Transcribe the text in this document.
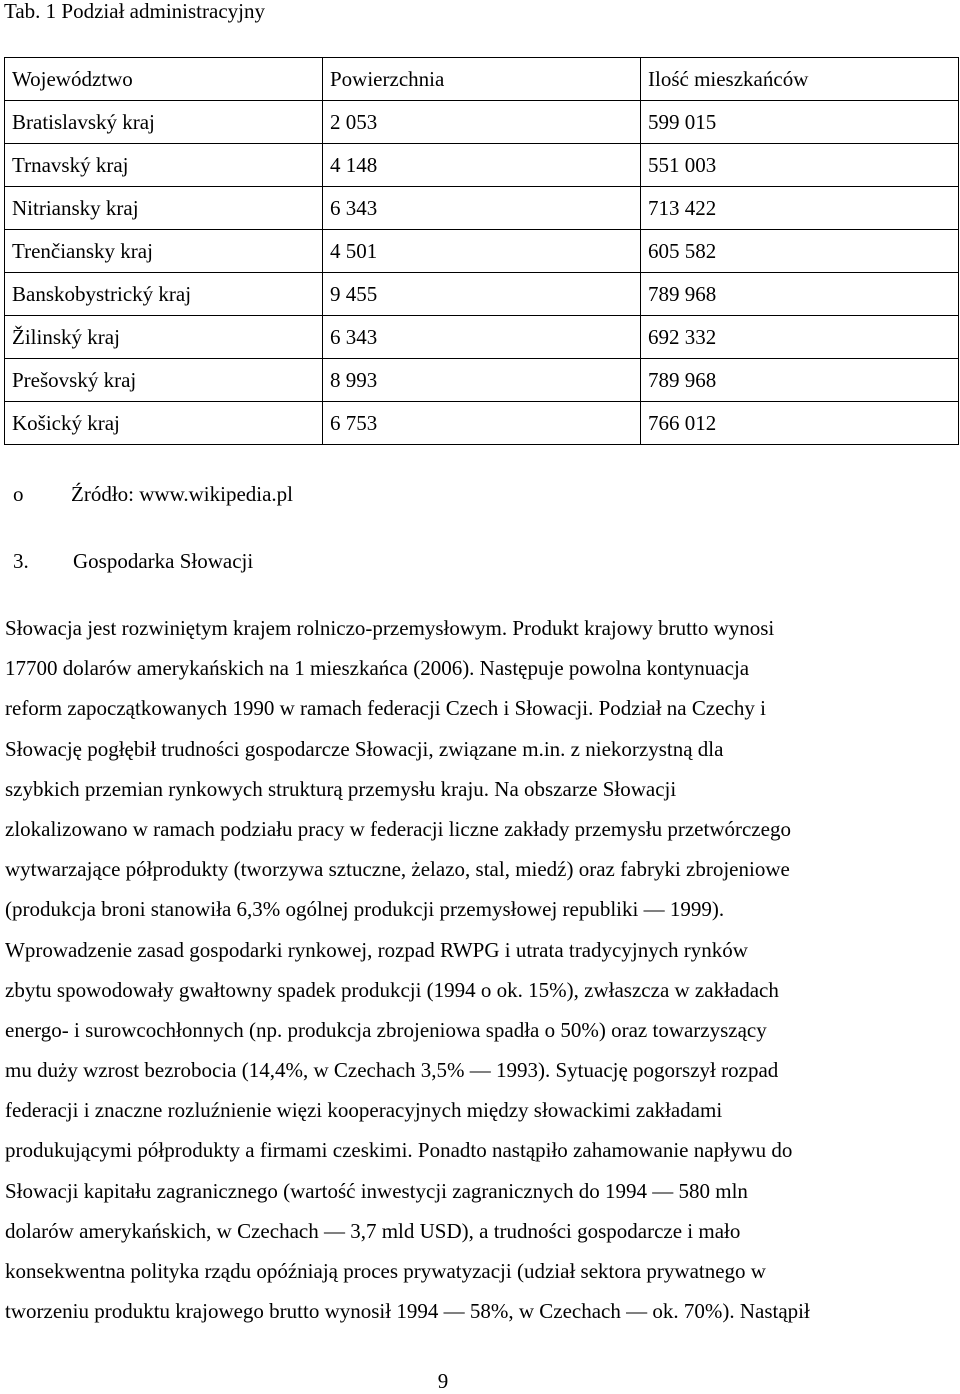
Tab. 1 Podział administracyjny
Województwo	Powierzchnia	Ilość mieszkańców
Bratislavský kraj	2 053	599 015
Trnavský kraj	4 148	551 003
Nitriansky kraj	6 343	713 422
Trenčiansky kraj	4 501	605 582
Banskobystrický kraj	9 455	789 968
Žilinský kraj	6 343	692 332
Prešovský kraj	8 993	789 968
Košický kraj	6 753	766 012
o Źródło: www.wikipedia.pl
3. Gospodarka Słowacji
Słowacja jest rozwiniętym krajem rolniczo-przemysłowym. Produkt krajowy brutto wynosi
17700 dolarów amerykańskich na 1 mieszkańca (2006). Następuje powolna kontynuacja
reform zapoczątkowanych 1990 w ramach federacji Czech i Słowacji. Podział na Czechy i
Słowację pogłębił trudności gospodarcze Słowacji, związane m.in. z niekorzystną dla
szybkich przemian rynkowych strukturą przemysłu kraju. Na obszarze Słowacji
zlokalizowano w ramach podziału pracy w federacji liczne zakłady przemysłu przetwórczego
wytwarzające półprodukty (tworzywa sztuczne, żelazo, stal, miedź) oraz fabryki zbrojeniowe
(produkcja broni stanowiła 6,3% ogólnej produkcji przemysłowej republiki — 1999).
Wprowadzenie zasad gospodarki rynkowej, rozpad RWPG i utrata tradycyjnych rynków
zbytu spowodowały gwałtowny spadek produkcji (1994 o ok. 15%), zwłaszcza w zakładach
energo- i surowcochłonnych (np. produkcja zbrojeniowa spadła o 50%) oraz towarzyszący
mu duży wzrost bezrobocia (14,4%, w Czechach 3,5% — 1993). Sytuację pogorszył rozpad
federacji i znaczne rozluźnienie więzi kooperacyjnych między słowackimi zakładami
produkującymi półprodukty a firmami czeskimi. Ponadto nastąpiło zahamowanie napływu do
Słowacji kapitału zagranicznego (wartość inwestycji zagranicznych do 1994 — 580 mln
dolarów amerykańskich, w Czechach — 3,7 mld USD), a trudności gospodarcze i mało
konsekwentna polityka rządu opóźniają proces prywatyzacji (udział sektora prywatnego w
tworzeniu produktu krajowego brutto wynosił 1994 — 58%, w Czechach — ok. 70%). Nastąpił
9
